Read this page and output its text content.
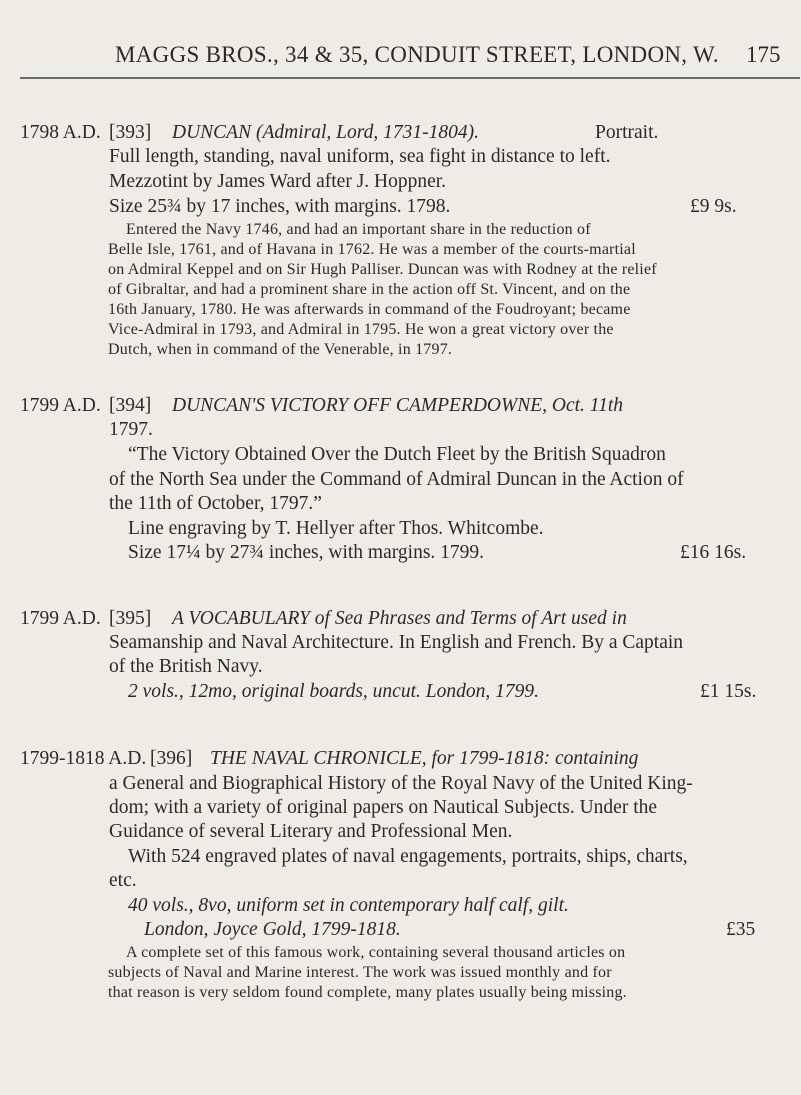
MAGGS BROS., 34 & 35, CONDUIT STREET, LONDON, W. 175
1798 A.D. [393] DUNCAN (Admiral, Lord, 1731-1804).	Portrait.
Full length, standing, naval uniform, sea fight in distance to left.
Mezzotint by James Ward after J. Hoppner.
Size 25¾ by 17 inches, with margins. 1798.	£9 9s.
Entered the Navy 1746, and had an important share in the reduction of
Belle Isle, 1761, and of Havana in 1762. He was a member of the courts-martial
on Admiral Keppel and on Sir Hugh Palliser. Duncan was with Rodney at the relief
of Gibraltar, and had a prominent share in the action off St. Vincent, and on the
16th January, 1780. He was afterwards in command of the Foudroyant; became
Vice-Admiral in 1793, and Admiral in 1795. He won a great victory over the
Dutch, when in command of the Venerable, in 1797.
1799 A.D. [394] DUNCAN'S VICTORY OFF CAMPERDOWNE, Oct. 11th
1797.
“The Victory Obtained Over the Dutch Fleet by the British Squadron
of the North Sea under the Command of Admiral Duncan in the Action of
the 11th of October, 1797.”
Line engraving by T. Hellyer after Thos. Whitcombe.
Size 17¼ by 27¾ inches, with margins. 1799.	£16 16s.
1799 A.D. [395] A VOCABULARY of Sea Phrases and Terms of Art used in
Seamanship and Naval Architecture. In English and French. By a Captain
of the British Navy.
2 vols., 12mo, original boards, uncut. London, 1799.	£1 15s.
1799-1818 A.D. [396] THE NAVAL CHRONICLE, for 1799-1818: containing
a General and Biographical History of the Royal Navy of the United King-
dom; with a variety of original papers on Nautical Subjects. Under the
Guidance of several Literary and Professional Men.
With 524 engraved plates of naval engagements, portraits, ships, charts,
etc.
40 vols., 8vo, uniform set in contemporary half calf, gilt.
London, Joyce Gold, 1799-1818.	£35
A complete set of this famous work, containing several thousand articles on
subjects of Naval and Marine interest. The work was issued monthly and for
that reason is very seldom found complete, many plates usually being missing.
